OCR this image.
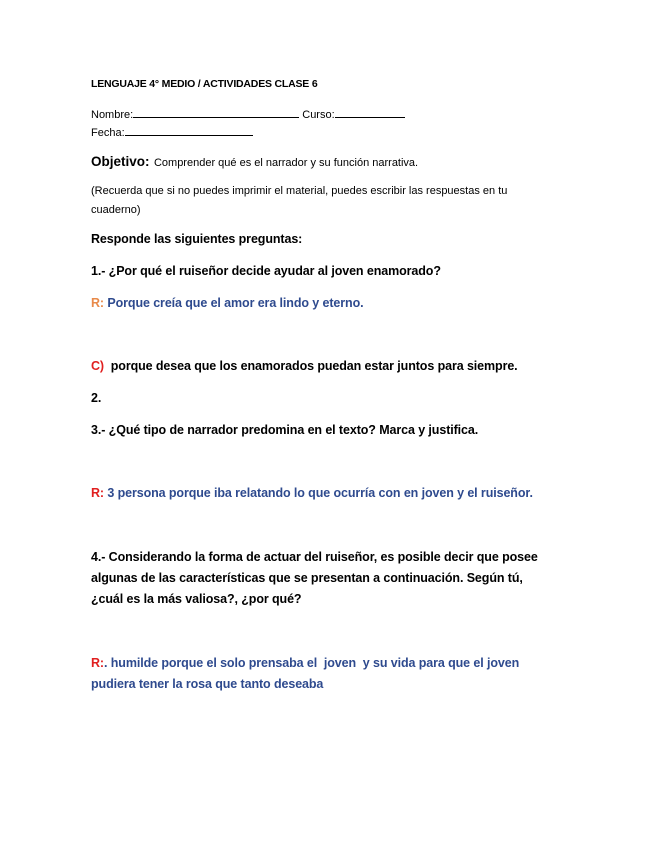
LENGUAJE 4° MEDIO / ACTIVIDADES CLASE 6
Nombre:	Curso:
Fecha:
Objetivo: Comprender qué es el narrador y su función narrativa.
(Recuerda que si no puedes imprimir el material, puedes escribir las respuestas en tu
cuaderno)
Responde las siguientes preguntas:
1.- ¿Por qué el ruiseñor decide ayudar al joven enamorado?
R: Porque creía que el amor era lindo y eterno.
C)  porque desea que los enamorados puedan estar juntos para siempre.
2.
3.- ¿Qué tipo de narrador predomina en el texto? Marca y justifica.
R: 3 persona porque iba relatando lo que ocurría con en joven y el ruiseñor.
4.- Considerando la forma de actuar del ruiseñor, es posible decir que posee
algunas de las características que se presentan a continuación. Según tú,
¿cuál es la más valiosa?, ¿por qué?
R:. humilde porque el solo prensaba el  joven  y su vida para que el joven
pudiera tener la rosa que tanto deseaba
